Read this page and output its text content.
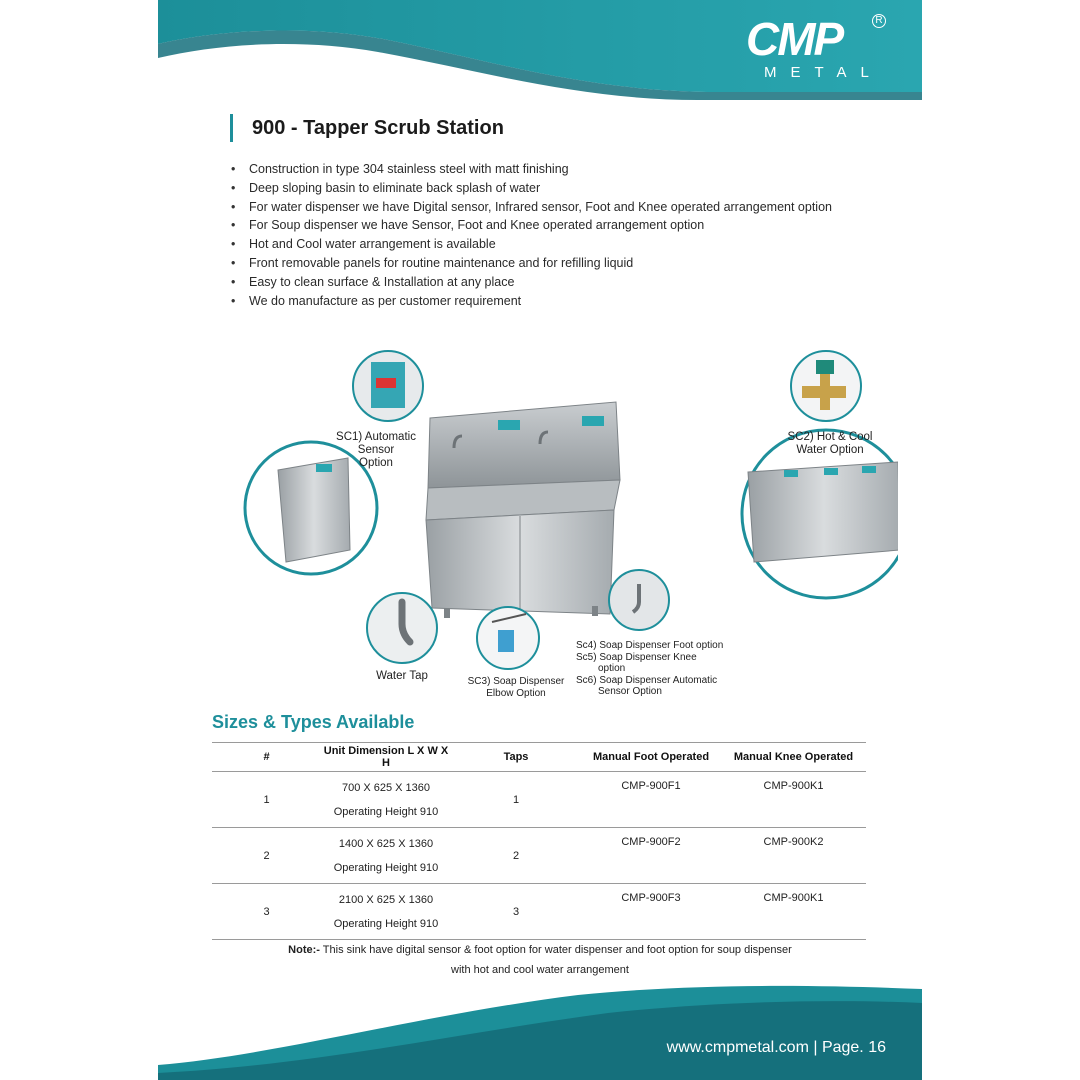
CMP	R
METAL
900 - Tapper Scrub Station
• Construction in type 304 stainless steel with matt finishing
• Deep sloping basin to eliminate back splash of water
• For water dispenser we have Digital sensor, Infrared sensor, Foot and Knee operated arrangement option
• For Soup dispenser we have Sensor, Foot and Knee operated arrangement option
• Hot and Cool water arrangement is available
• Front removable panels for routine maintenance and for refilling liquid
• Easy to clean surface & Installation at any place
• We do manufacture as per customer requirement
SC1) Automatic
Sensor
Option
SC2) Hot & Cool
Water Option
Water Tap	SC3) Soap Dispenser
Elbow Option
Sc4) Soap Dispenser Foot option
Sc5) Soap Dispenser Knee
option
Sc6) Soap Dispenser Automatic
Sensor Option
Sizes & Types Available
#	Unit Dimension L X W X H	Taps	Manual Foot Operated	Manual Knee Operated
1	700 X 625 X 1360
Operating Height 910	1	CMP-900F1	CMP-900K1
2	1400 X 625 X 1360
Operating Height 910	2	CMP-900F2	CMP-900K2
3	2100 X 625 X 1360
Operating Height 910	3	CMP-900F3	CMP-900K1
Note:- This sink have digital sensor & foot option for water dispenser and foot option for soup dispenser
with hot and cool water arrangement
www.cmpmetal.com | Page. 16
